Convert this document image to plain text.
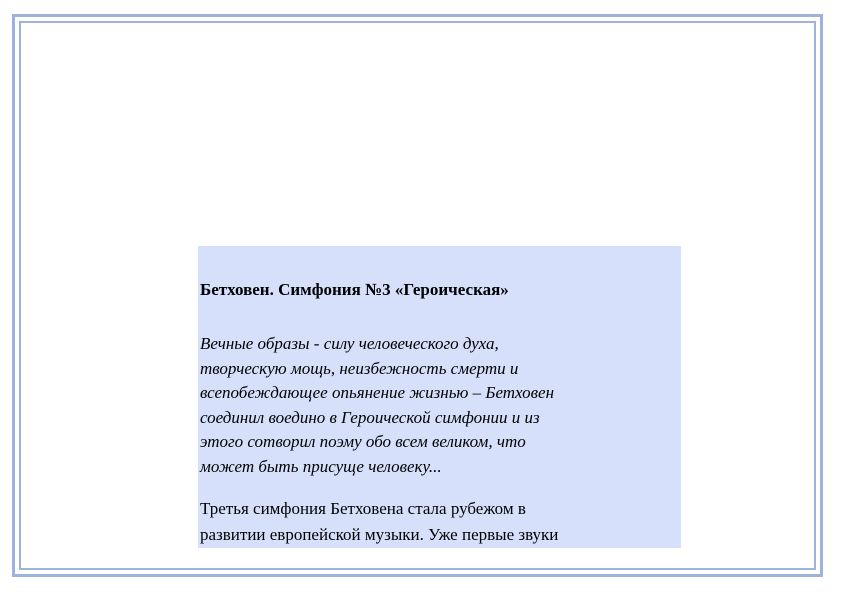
Бетховен. Симфония №3 «Героическая»
Вечные образы - силу человеческого духа,
творческую мощь, неизбежность смерти и
всепобеждающее опьянение жизнью – Бетховен
соединил воедино в Героической симфонии и из
этого сотворил поэму обо всем великом, что
может быть присуще человеку...
Третья симфония Бетховена стала рубежом в
развитии европейской музыки. Уже первые звуки
